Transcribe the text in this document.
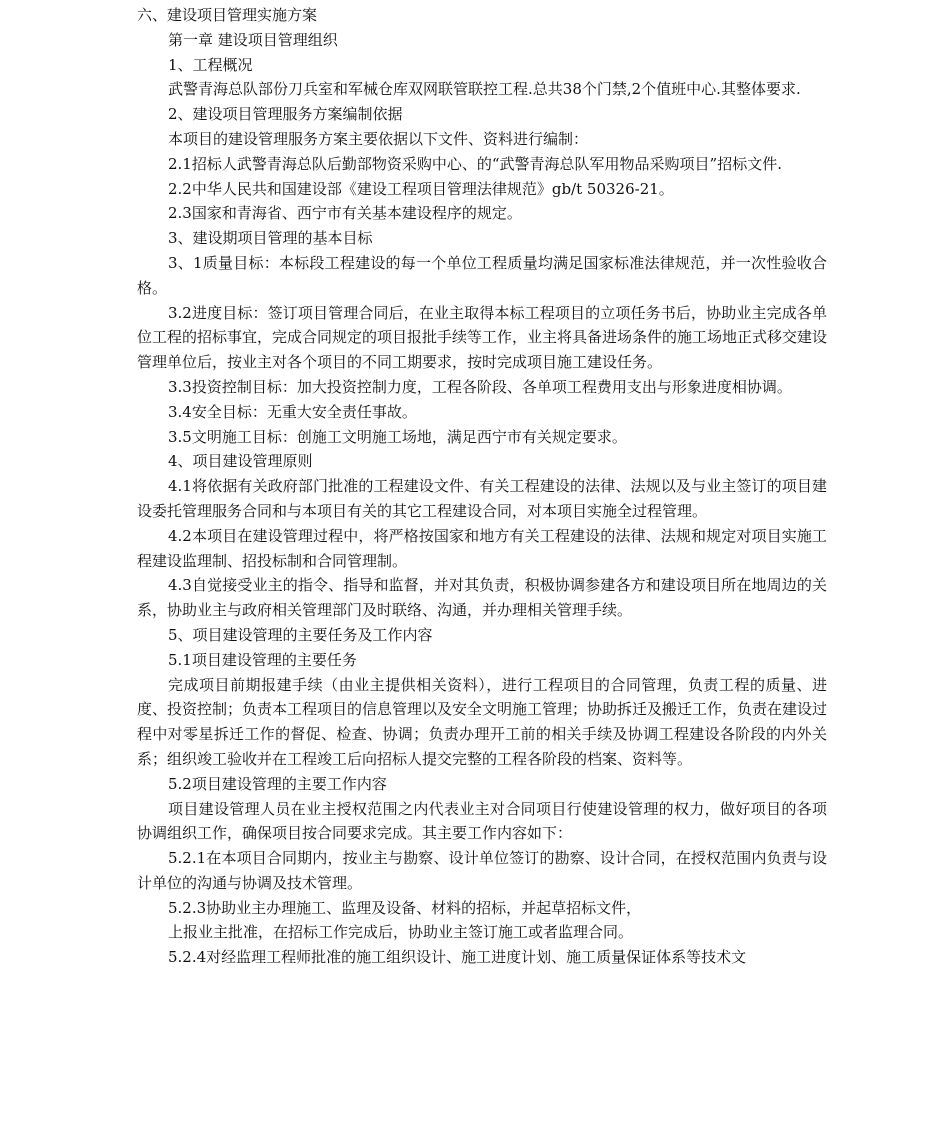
六、建设项目管理实施方案

第一章 建设项目管理组织

1、工程概况

武警青海总队部份刀兵室和军械仓库双网联管联控工程.总共38个门禁,2个值班中心.其整体要求.

2、建设项目管理服务方案编制依据

本项目的建设管理服务方案主要依据以下文件、资料进行编制：

2.1招标人武警青海总队后勤部物资采购中心、的“武警青海总队军用物品采购项目”招标文件.

2.2中华人民共和国建设部《建设工程项目管理法律规范》gb/t 50326-21。

2.3国家和青海省、西宁市有关基本建设程序的规定。

3、建设期项目管理的基本目标

3、1质量目标：本标段工程建设的每一个单位工程质量均满足国家标准法律规范，并一次性验收合格。

3.2进度目标：签订项目管理合同后，在业主取得本标工程项目的立项任务书后，协助业主完成各单位工程的招标事宜，完成合同规定的项目报批手续等工作，业主将具备进场条件的施工场地正式移交建设管理单位后，按业主对各个项目的不同工期要求，按时完成项目施工建设任务。

3.3投资控制目标：加大投资控制力度，工程各阶段、各单项工程费用支出与形象进度相协调。

3.4安全目标：无重大安全责任事故。

3.5文明施工目标：创施工文明施工场地，满足西宁市有关规定要求。

4、项目建设管理原则

4.1将依据有关政府部门批准的工程建设文件、有关工程建设的法律、法规以及与业主签订的项目建设委托管理服务合同和与本项目有关的其它工程建设合同，对本项目实施全过程管理。

4.2本项目在建设管理过程中，将严格按国家和地方有关工程建设的法律、法规和规定对项目实施工程建设监理制、招投标制和合同管理制。

4.3自觉接受业主的指令、指导和监督，并对其负责，积极协调参建各方和建设项目所在地周边的关系，协助业主与政府相关管理部门及时联络、沟通，并办理相关管理手续。

5、项目建设管理的主要任务及工作内容

5.1项目建设管理的主要任务

完成项目前期报建手续（由业主提供相关资料），进行工程项目的合同管理，负责工程的质量、进度、投资控制；负责本工程项目的信息管理以及安全文明施工管理；协助拆迁及搬迁工作，负责在建设过程中对零星拆迁工作的督促、检查、协调；负责办理开工前的相关手续及协调工程建设各阶段的内外关系；组织竣工验收并在工程竣工后向招标人提交完整的工程各阶段的档案、资料等。

5.2项目建设管理的主要工作内容

项目建设管理人员在业主授权范围之内代表业主对合同项目行使建设管理的权力，做好项目的各项协调组织工作，确保项目按合同要求完成。其主要工作内容如下：

5.2.1在本项目合同期内，按业主与勘察、设计单位签订的勘察、设计合同，在授权范围内负责与设计单位的沟通与协调及技术管理。

5.2.3协助业主办理施工、监理及设备、材料的招标，并起草招标文件，

上报业主批准，在招标工作完成后，协助业主签订施工或者监理合同。

5.2.4对经监理工程师批准的施工组织设计、施工进度计划、施工质量保证体系等技术文
